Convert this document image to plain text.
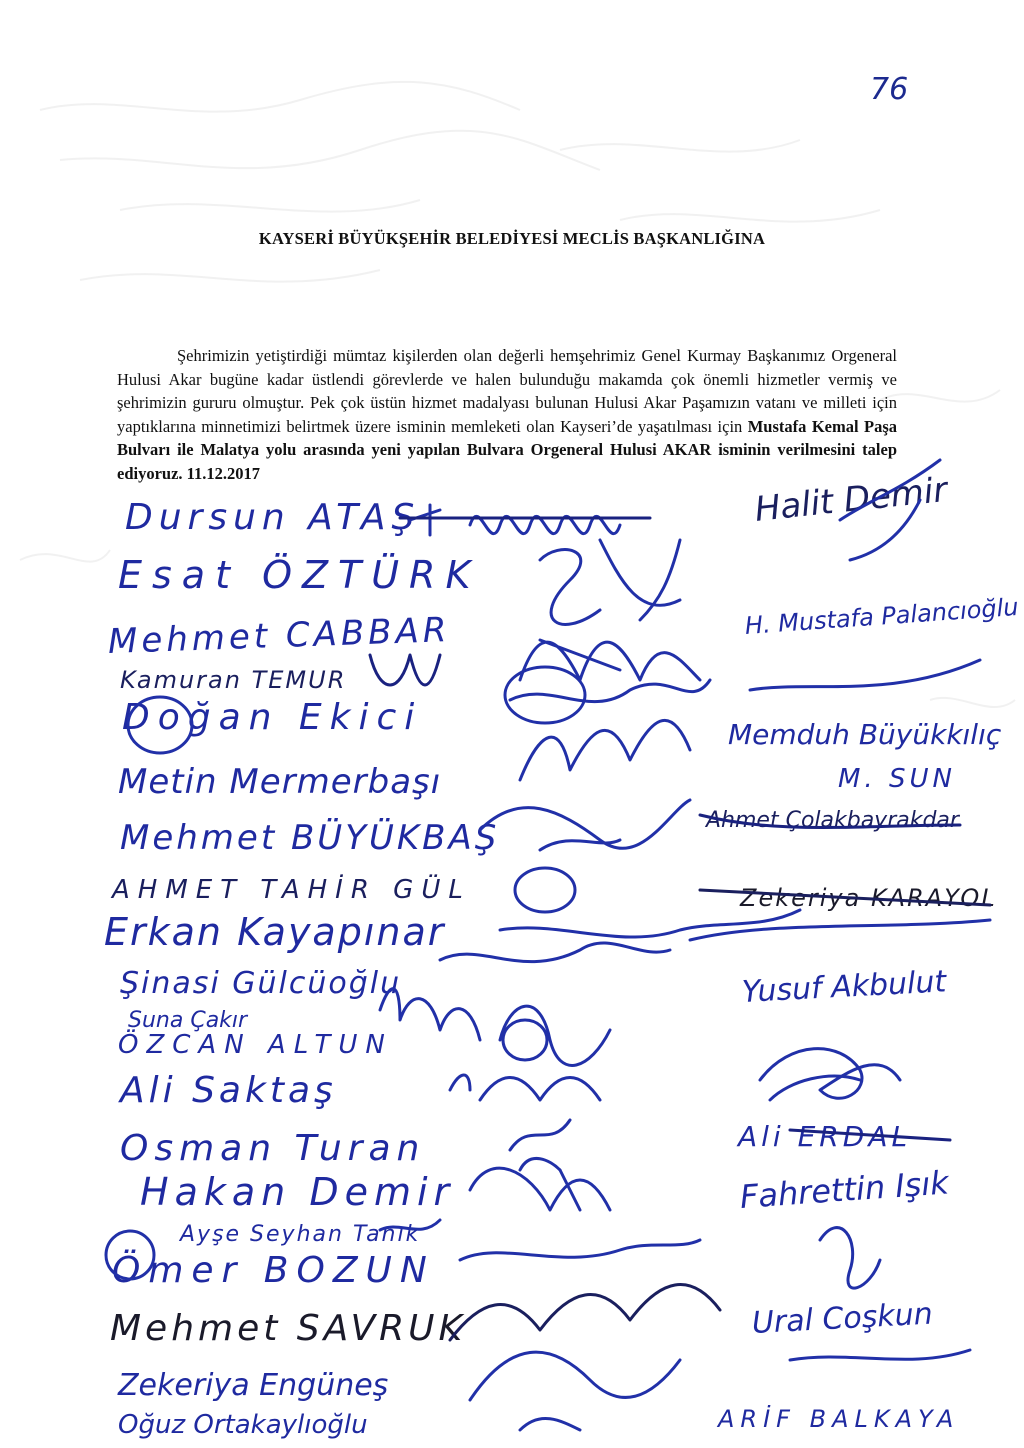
76
KAYSERİ BÜYÜKŞEHİR BELEDİYESİ MECLİS BAŞKANLIĞINA

Şehrimizin yetiştirdiği mümtaz kişilerden olan değerli hemşehrimiz Genel Kurmay Başkanımız Orgeneral Hulusi Akar bugüne kadar üstlendi görevlerde ve halen bulunduğu makamda çok önemli hizmetler vermiş ve şehrimizin gururu olmuştur. Pek çok üstün hizmet madalyası bulunan Hulusi Akar Paşamızın vatanı ve milleti için yaptıklarına minnetimizi belirtmek üzere isminin memleketi olan Kayseri’de yaşatılması için Mustafa Kemal Paşa Bulvarı ile Malatya yolu arasında yeni yapılan Bulvara Orgeneral Hulusi AKAR isminin verilmesini talep ediyoruz. 11.12.2017

Dursun ATAŞ
Esat ÖZTÜRK
Mehmet CABBAR
Kamuran TEMUR
Doğan Ekici
Metin Mermerbaşı
Mehmet BÜYÜKBAŞ
AHMET TAHİR GÜL
Erkan Kayapınar
Şinasi Gülcüoğlu
Suna Çakır
ÖZCAN ALTUN
Ali Saktaş
Osman Turan
Hakan Demir
Ayşe Seyhan Tanık
Ömer BOZUN
Mehmet SAVRUK
Zekeriya Engüneş
Oğuz Ortakaylıoğlu
Halit Demir
H. Mustafa Palancıoğlu
Memduh Büyükkılıç
M. SUN
Ahmet Çolakbayrakdar
Zekeriya KARAYOL
Yusuf Akbulut
Ali ERDAL
Fahrettin Işık
Ural Coşkun
ARİF BALKAYA
